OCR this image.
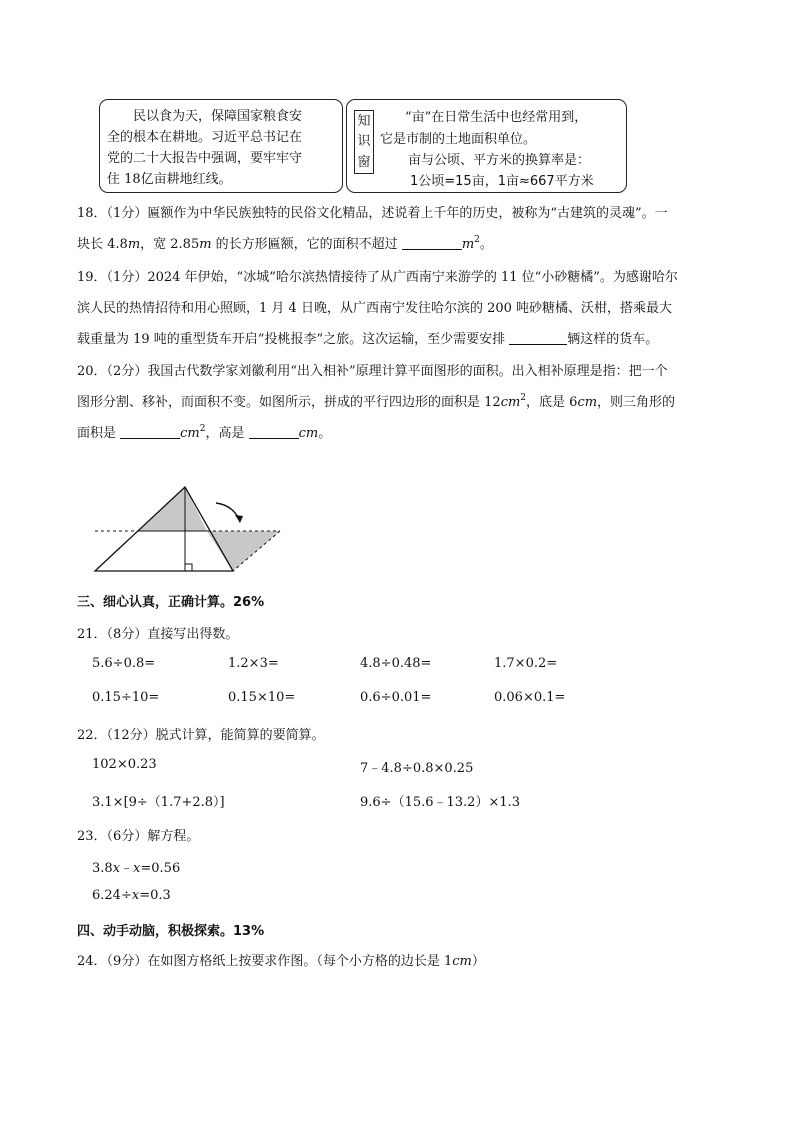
民以食为天，保障国家粮食安

全的根本在耕地。习近平总书记在
党的二十大报告中强调，要牢牢守
住 18亿亩耕地红线。
知
识
窗
“亩”在日常生活中也经常用到，
它是市制的土地面积单位。
亩与公顷、平方米的换算率是：
1公顷=15亩，1亩≈667平方米
18．（1分）匾额作为中华民族独特的民俗文化精品，述说着上千年的历史，被称为“古建筑的灵魂”。一
块长 4.8m，宽 2.85m 的长方形匾额，它的面积不超过	$m^2$。
19．（1分）2024 年伊始，“冰城”哈尔滨热情接待了从广西南宁来游学的 11 位“小砂糖橘”。为感谢哈尔
滨人民的热情招待和用心照顾，1 月 4 日晚，从广西南宁发往哈尔滨的 200 吨砂糖橘、沃柑，搭乘最大
载重量为 19 吨的重型货车开启“投桃报李”之旅。这次运输，至少需要安排	辆这样的货车。
20．（2分）我国古代数学家刘徽利用“出入相补”原理计算平面图形的面积。出入相补原理是指：把一个
图形分割、移补，而面积不变。如图所示，拼成的平行四边形的面积是 $12cm^2$，底是 6cm，则三角形的
面积是	$cm^2$，高是	cm。
三、细心认真，正确计算。26%
21．（8分）直接写出得数。
5.6÷0.8=	1.2×3=	4.8÷0.48=	1.7×0.2=
0.15÷10=	0.15×10=	0.6÷0.01=	0.06×0.1=
22．（12分）脱式计算，能简算的要简算。
102×0.23	7﹣4.8÷0.8×0.25
3.1×[9÷（1.7+2.8）]	9.6÷（15.6﹣13.2）×1.3
23．（6分）解方程。
3.8x﹣x=0.56
6.24÷x=0.3
四、动手动脑，积极探索。13%
24．（9分）在如图方格纸上按要求作图。（每个小方格的边长是 1cm）
